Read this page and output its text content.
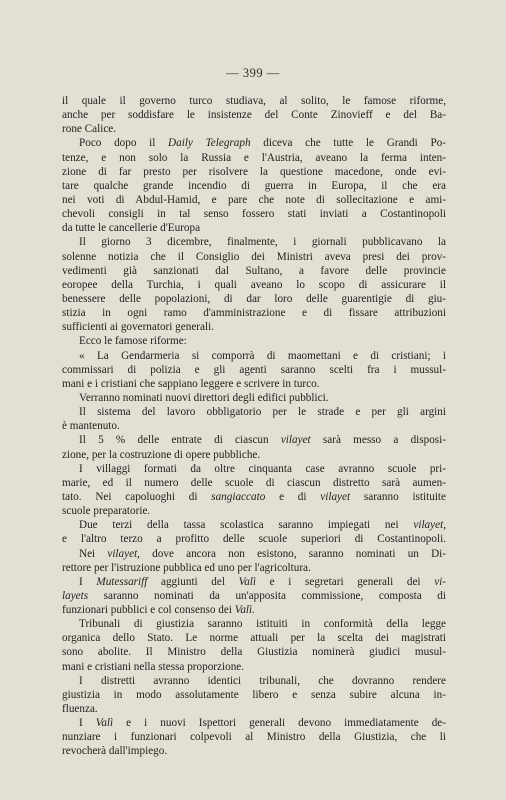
— 399 —
il quale il governo turco studiava, al solito, le famose riforme,
anche per soddisfare le insistenze del Conte Zinovieff e del Ba-
rone Calice.
Poco dopo il Daily Telegraph diceva che tutte le Grandi Po-
tenze, e non solo la Russia e l'Austria, aveano la ferma inten-
zione di far presto per risolvere la questione macedone, onde evi-
tare qualche grande incendio di guerra in Europa, il che era
nei voti di Abdul-Hamid, e pare che note di sollecitazione e ami-
chevoli consigli in tal senso fossero stati inviati a Costantinopoli
da tutte le cancellerie d'Europa
Il giorno 3 dicembre, finalmente, i giornali pubblicavano la
solenne notizia che il Consiglio dei Ministri aveva presi dei prov-
vedimenti già sanzionati dal Sultano, a favore delle provincie
eoropee della Turchia, i quali aveano lo scopo di assicurare il
benessere delle popolazioni, di dar loro delle guarentigie di giu-
stizia in ogni ramo d'amministrazione e di fissare attribuzioni
sufficienti ai governatori generali.
Ecco le famose riforme:
« La Gendarmeria si comporrà di maomettani e di cristiani; i
commissari di polizia e gli agenti saranno scelti fra i mussul-
mani e i cristiani che sappiano leggere e scrivere in turco.
Verranno nominati nuovi direttori degli edifici pubblici.
Il sistema del lavoro obbligatorio per le strade e per gli argini
è mantenuto.
Il 5 % delle entrate di ciascun vilayet sarà messo a disposi-
zione, per la costruzione di opere pubbliche.
I villaggi formati da oltre cinquanta case avranno scuole pri-
marie, ed il numero delle scuole di ciascun distretto sarà aumen-
tato. Nei capoluoghi di sangiaccato e di vilayet saranno istituite
scuole preparatorie.
Due terzi della tassa scolastica saranno impiegati nei vilayet,
e l'altro terzo a profitto delle scuole superiori di Costantinopoli.
Nei vilayet, dove ancora non esistono, saranno nominati un Di-
rettore per l'istruzione pubblica ed uno per l'agricoltura.
I Mutessariff aggiunti del Valì e i segretari generali dei vi-
layets saranno nominati da un'apposita commissione, composta di
funzionari pubblici e col consenso dei Valì.
Tribunali di giustizia saranno istituiti in conformità della legge
organica dello Stato. Le norme attuali per la scelta dei magistrati
sono abolite. Il Ministro della Giustizia nominerà giudici musul-
mani e cristiani nella stessa proporzione.
I distretti avranno identici tribunali, che dovranno rendere
giustizia in modo assolutamente libero e senza subire alcuna in-
fluenza.
I Valì e i nuovi Ispettori generali devono immediatamente de-
nunziare i funzionari colpevoli al Ministro della Giustizia, che li
revocherà dall'impiego.
